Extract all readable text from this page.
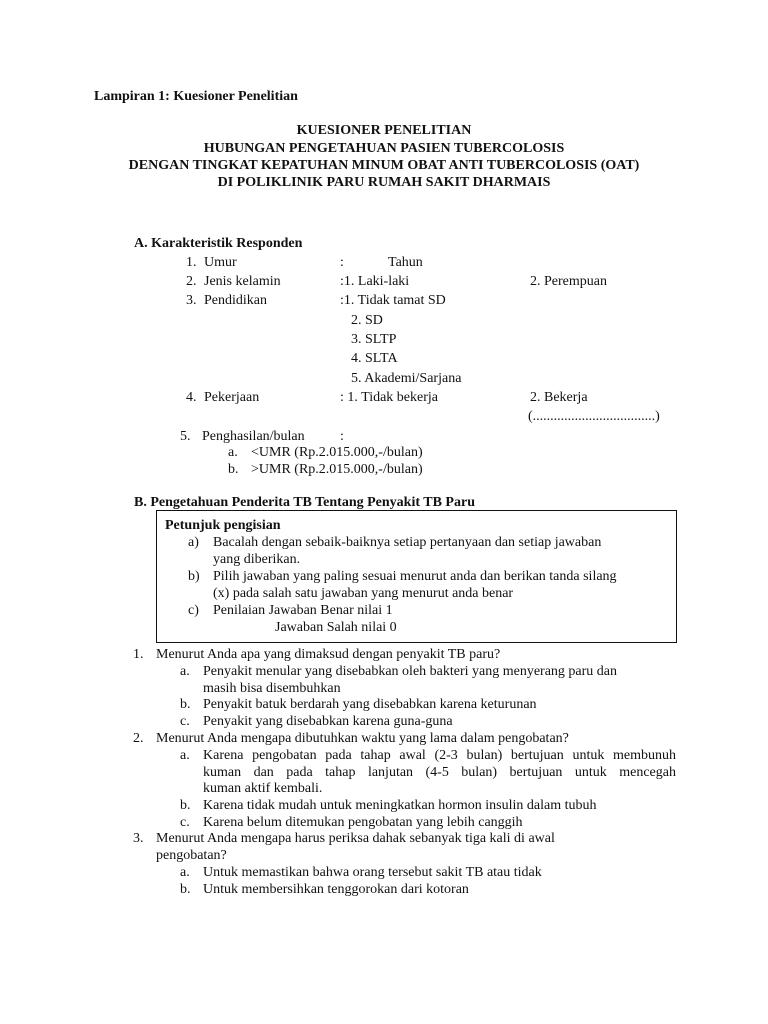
Lampiran 1: Kuesioner Penelitian
KUESIONER PENELITIAN
HUBUNGAN PENGETAHUAN PASIEN TUBERCOLOSIS
DENGAN TINGKAT KEPATUHAN MINUM OBAT ANTI TUBERCOLOSIS (OAT)
DI POLIKLINIK PARU RUMAH SAKIT DHARMAIS
A. Karakteristik Responden
1. Umur	:	Tahun
2. Jenis kelamin	:1. Laki-laki	2. Perempuan
3. Pendidikan	:1. Tidak tamat SD
2. SD
3. SLTP
4. SLTA
5. Akademi/Sarjana
4. Pekerjaan	: 1. Tidak bekerja	2. Bekerja
(...................................)
5. Penghasilan/bulan	:
a. <UMR (Rp.2.015.000,-/bulan)
b. >UMR (Rp.2.015.000,-/bulan)
B. Pengetahuan Penderita TB Tentang Penyakit TB Paru
Petunjuk pengisian
a) Bacalah dengan sebaik-baiknya setiap pertanyaan dan setiap jawaban
yang diberikan.
b) Pilih jawaban yang paling sesuai menurut anda dan berikan tanda silang
(x) pada salah satu jawaban yang menurut anda benar
c) Penilaian Jawaban Benar nilai 1
Jawaban Salah nilai 0
1. Menurut Anda apa yang dimaksud dengan penyakit TB paru?
a. Penyakit menular yang disebabkan oleh bakteri yang menyerang paru dan
masih bisa disembuhkan
b. Penyakit batuk berdarah yang disebabkan karena keturunan
c. Penyakit yang disebabkan karena guna-guna
2. Menurut Anda mengapa dibutuhkan waktu yang lama dalam pengobatan?
a. Karena pengobatan pada tahap awal (2-3 bulan) bertujuan untuk membunuh
kuman dan pada tahap lanjutan (4-5 bulan) bertujuan untuk mencegah
kuman aktif kembali.
b. Karena tidak mudah untuk meningkatkan hormon insulin dalam tubuh
c. Karena belum ditemukan pengobatan yang lebih canggih
3. Menurut Anda mengapa harus periksa dahak sebanyak tiga kali di awal
pengobatan?
a. Untuk memastikan bahwa orang tersebut sakit TB atau tidak
b. Untuk membersihkan tenggorokan dari kotoran
